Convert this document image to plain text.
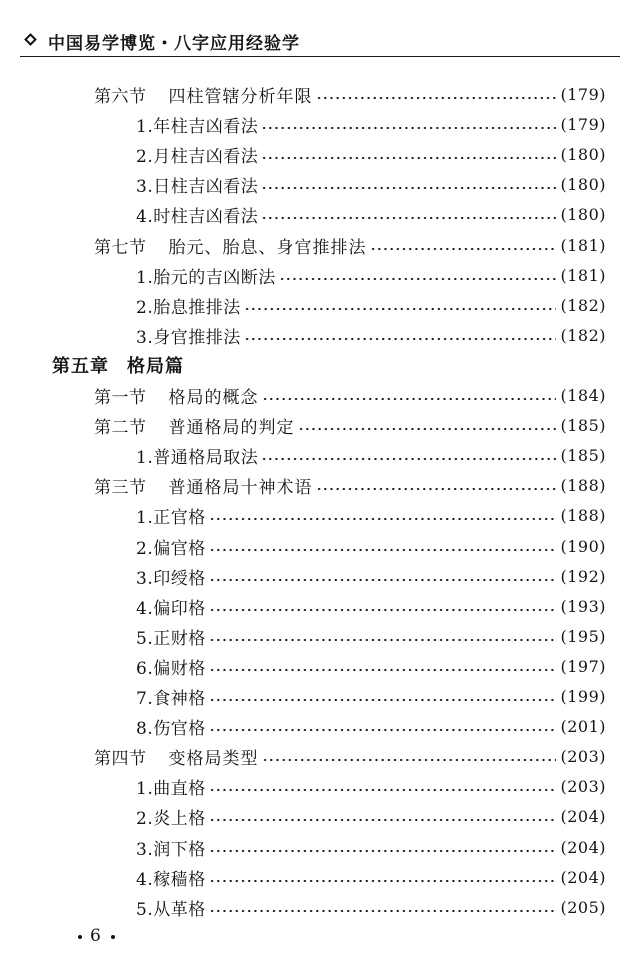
中国易学博览・八字应用经验学
第六节 四柱管辖分析年限	(179)
1.年柱吉凶看法	(179)
2.月柱吉凶看法	(180)
3.日柱吉凶看法	(180)
4.时柱吉凶看法	(180)
第七节 胎元、胎息、身官推排法	(181)
1.胎元的吉凶断法	(181)
2.胎息推排法	(182)
3.身官推排法	(182)
第五章 格局篇
第一节 格局的概念	(184)
第二节 普通格局的判定	(185)
1.普通格局取法	(185)
第三节 普通格局十神术语	(188)
1.正官格	(188)
2.偏官格	(190)
3.印绶格	(192)
4.偏印格	(193)
5.正财格	(195)
6.偏财格	(197)
7.食神格	(199)
8.伤官格	(201)
第四节 变格局类型	(203)
1.曲直格	(203)
2.炎上格	(204)
3.润下格	(204)
4.稼穑格	(204)
5.从革格	(205)
6
